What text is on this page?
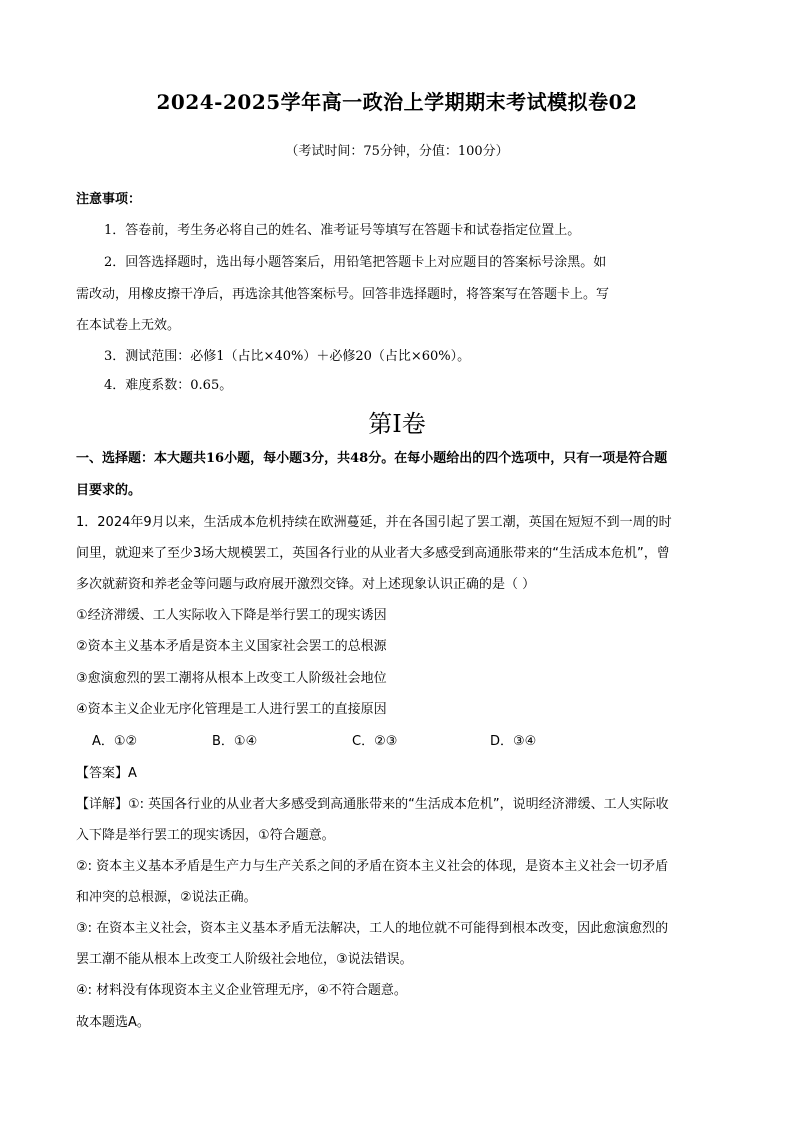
2024-2025学年高一政治上学期期末考试模拟卷02
（考试时间：75分钟，分值：100分）
注意事项：
1．答卷前，考生务必将自己的姓名、准考证号等填写在答题卡和试卷指定位置上。
2．回答选择题时，选出每小题答案后，用铅笔把答题卡上对应题目的答案标号涂黑。如
需改动，用橡皮擦干净后，再选涂其他答案标号。回答非选择题时，将答案写在答题卡上。写
在本试卷上无效。
3．测试范围：必修1（占比×40%）＋必修20（占比×60%）。
4．难度系数：0.65。
第Ⅰ卷
一、选择题：本大题共16小题，每小题3分，共48分。在每小题给出的四个选项中，只有一项是符合题
目要求的。
1．2024年9月以来，生活成本危机持续在欧洲蔓延，并在各国引起了罢工潮，英国在短短不到一周的时
间里，就迎来了至少3场大规模罢工，英国各行业的从业者大多感受到高通胀带来的“生活成本危机”，曾
多次就薪资和养老金等问题与政府展开激烈交锋。对上述现象认识正确的是（ ）
①经济滞缓、工人实际收入下降是举行罢工的现实诱因
②资本主义基本矛盾是资本主义国家社会罢工的总根源
③愈演愈烈的罢工潮将从根本上改变工人阶级社会地位
④资本主义企业无序化管理是工人进行罢工的直接原因
A．①②	B．①④	C．②③	D．③④
【答案】A
【详解】①: 英国各行业的从业者大多感受到高通胀带来的“生活成本危机”，说明经济滞缓、工人实际收
入下降是举行罢工的现实诱因，①符合题意。
②: 资本主义基本矛盾是生产力与生产关系之间的矛盾在资本主义社会的体现，是资本主义社会一切矛盾
和冲突的总根源，②说法正确。
③: 在资本主义社会，资本主义基本矛盾无法解决，工人的地位就不可能得到根本改变，因此愈演愈烈的
罢工潮不能从根本上改变工人阶级社会地位，③说法错误。
④: 材料没有体现资本主义企业管理无序，④不符合题意。
故本题选A。
